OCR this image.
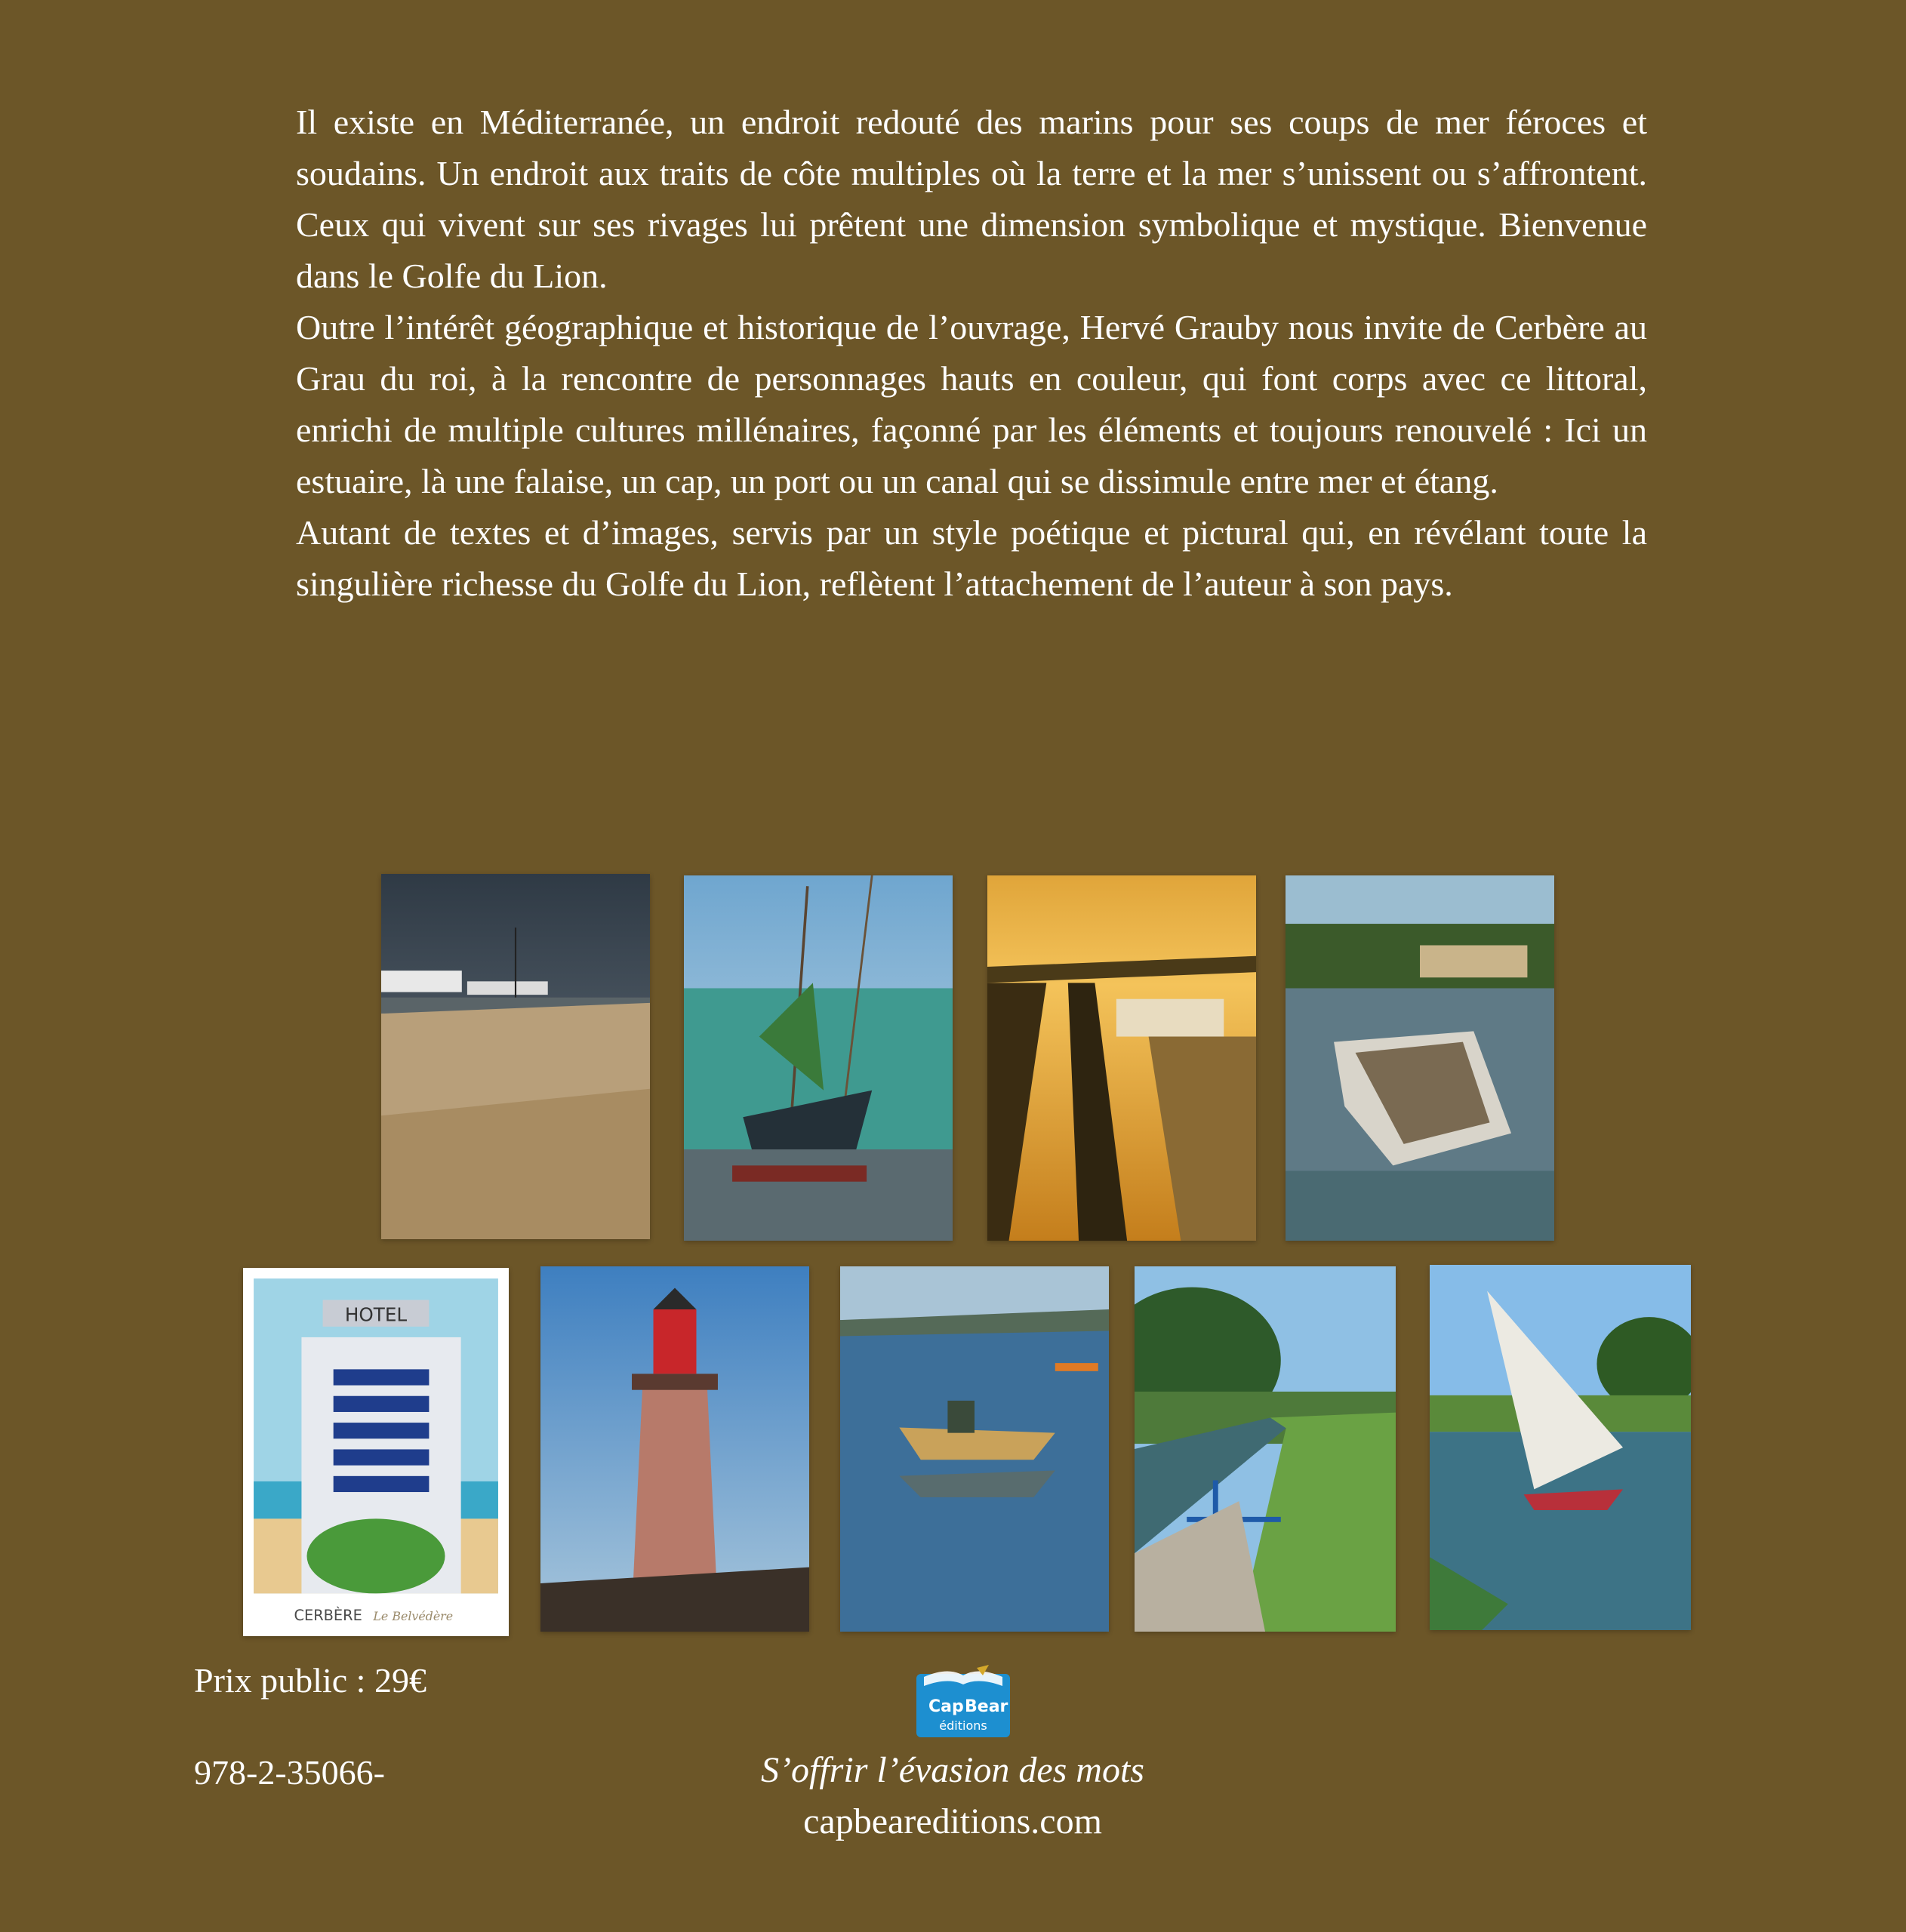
Il existe en Méditerranée, un endroit redouté des marins pour ses coups de mer féroces et soudains. Un endroit aux traits de côte multiples où la terre et la mer s’unissent ou s’affrontent. Ceux qui vivent sur ses rivages lui prêtent une dimension symbolique et mystique. Bienvenue dans le Golfe du Lion.

Outre l’intérêt géographique et historique de l’ouvrage, Hervé Grauby nous invite de Cerbère au Grau du roi, à la rencontre de personnages hauts en couleur, qui font corps avec ce littoral, enrichi de multiple cultures millénaires, façonné par les éléments et toujours renouvelé : Ici un estuaire, là une falaise, un cap, un port ou un canal qui se dissimule entre mer et étang.

Autant de textes et d’images, servis par un style poétique et pictural qui, en révélant toute la singulière richesse du Golfe du Lion, reflètent l’attachement de l’auteur à son pays.

HOTEL
CERBÈRE	Le Belvédère
Prix public : 29€
978-2-35066-
Cap Bear
éditions
S’offrir l’évasion des mots
capbeareditions.com
